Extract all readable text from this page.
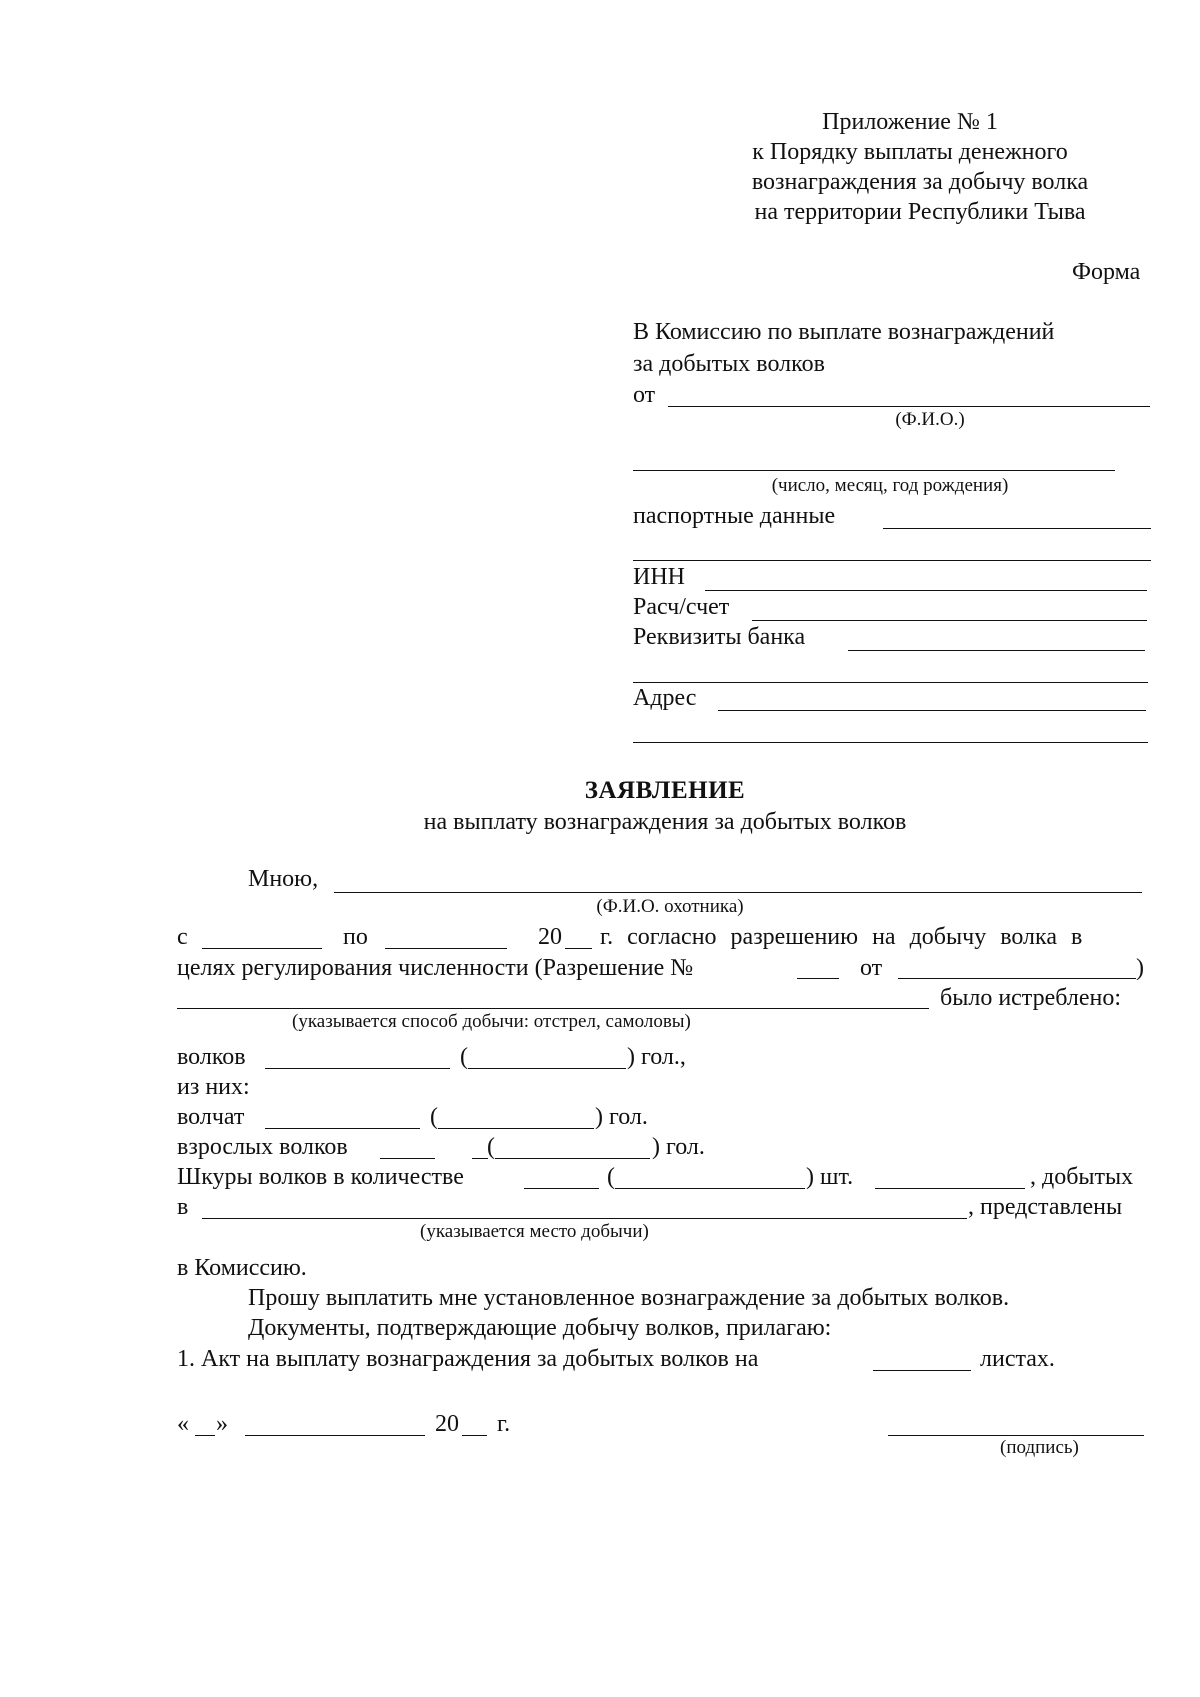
Приложение № 1
к Порядку выплаты денежного
вознаграждения за добычу волка
на территории Республики Тыва
Форма
В Комиссию по выплате вознаграждений
за добытых волков
от
(Ф.И.О.)
(число, месяц, год рождения)
паспортные данные
ИНН
Расч/счет
Реквизиты банка
Адрес
ЗАЯВЛЕНИЕ
на выплату вознаграждения за добытых волков
Мною,
(Ф.И.О. охотника)
с	по	20 г. согласно разрешению на добычу волка в
целях регулирования численности (Разрешение №	от	)
было истреблено:
(указывается способ добычи: отстрел, самоловы)
волков	(	) гол.,
из них:
волчат	(	) гол.
взрослых волков	(	) гол.
Шкуры волков в количестве	(	) шт.	, добытых
в	, представлены
(указывается место добычи)
в Комиссию.
Прошу выплатить мне установленное вознаграждение за добытых волков.
Документы, подтверждающие добычу волков, прилагаю:
1. Акт на выплату вознаграждения за добытых волков на	листах.
« »	20 г.
(подпись)
